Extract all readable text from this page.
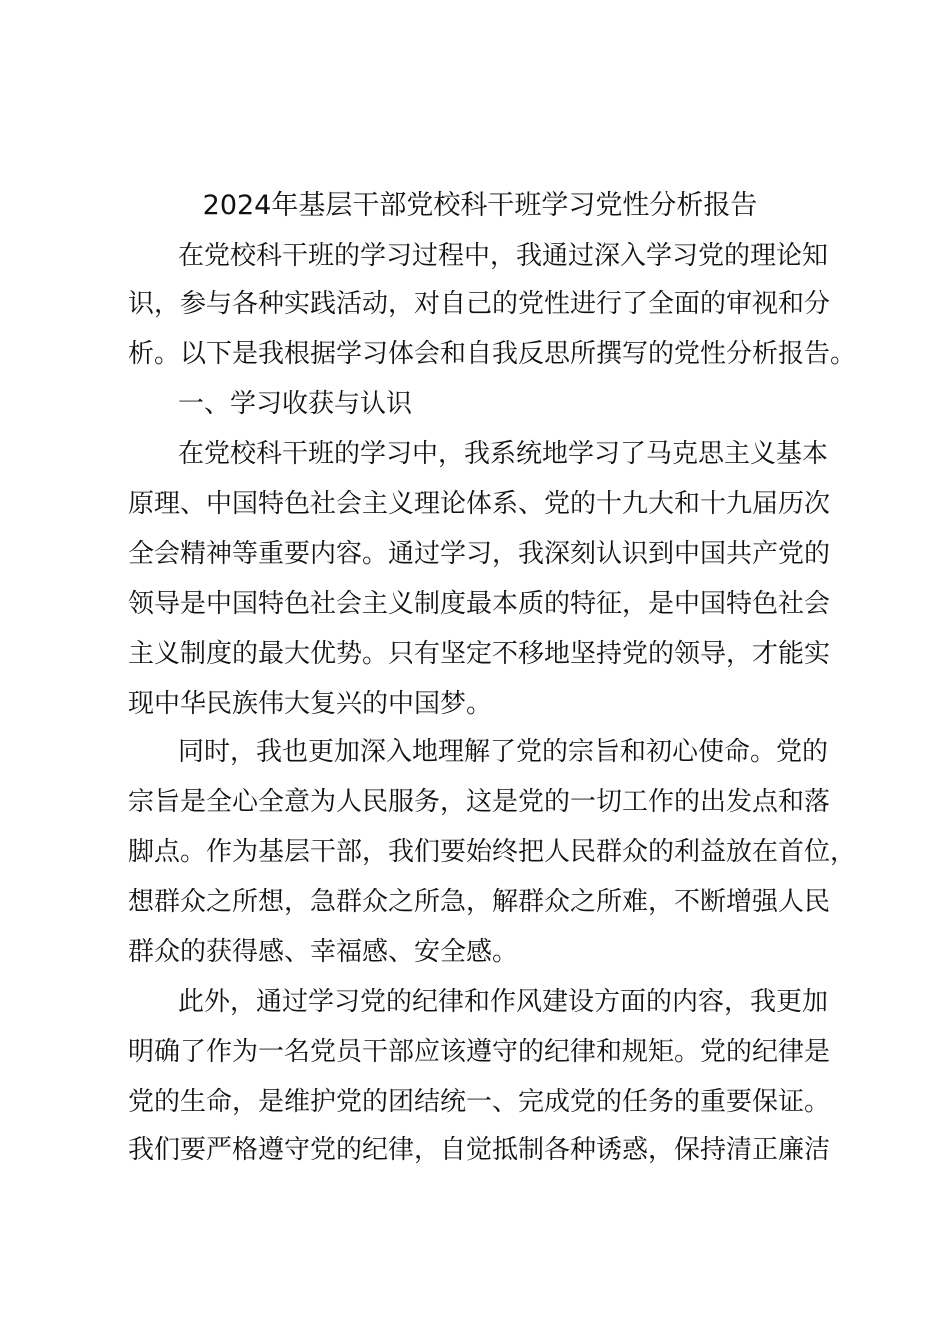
2024年基层干部党校科干班学习党性分析报告

在党校科干班的学习过程中，我通过深入学习党的理论知

识，参与各种实践活动，对自己的党性进行了全面的审视和分

析。以下是我根据学习体会和自我反思所撰写的党性分析报告。

一、学习收获与认识

在党校科干班的学习中，我系统地学习了马克思主义基本

原理、中国特色社会主义理论体系、党的十九大和十九届历次

全会精神等重要内容。通过学习，我深刻认识到中国共产党的

领导是中国特色社会主义制度最本质的特征，是中国特色社会

主义制度的最大优势。只有坚定不移地坚持党的领导，才能实

现中华民族伟大复兴的中国梦。

同时，我也更加深入地理解了党的宗旨和初心使命。党的

宗旨是全心全意为人民服务，这是党的一切工作的出发点和落

脚点。作为基层干部，我们要始终把人民群众的利益放在首位，

想群众之所想，急群众之所急，解群众之所难，不断增强人民

群众的获得感、幸福感、安全感。

此外，通过学习党的纪律和作风建设方面的内容，我更加

明确了作为一名党员干部应该遵守的纪律和规矩。党的纪律是

党的生命，是维护党的团结统一、完成党的任务的重要保证。

我们要严格遵守党的纪律，自觉抵制各种诱惑，保持清正廉洁
